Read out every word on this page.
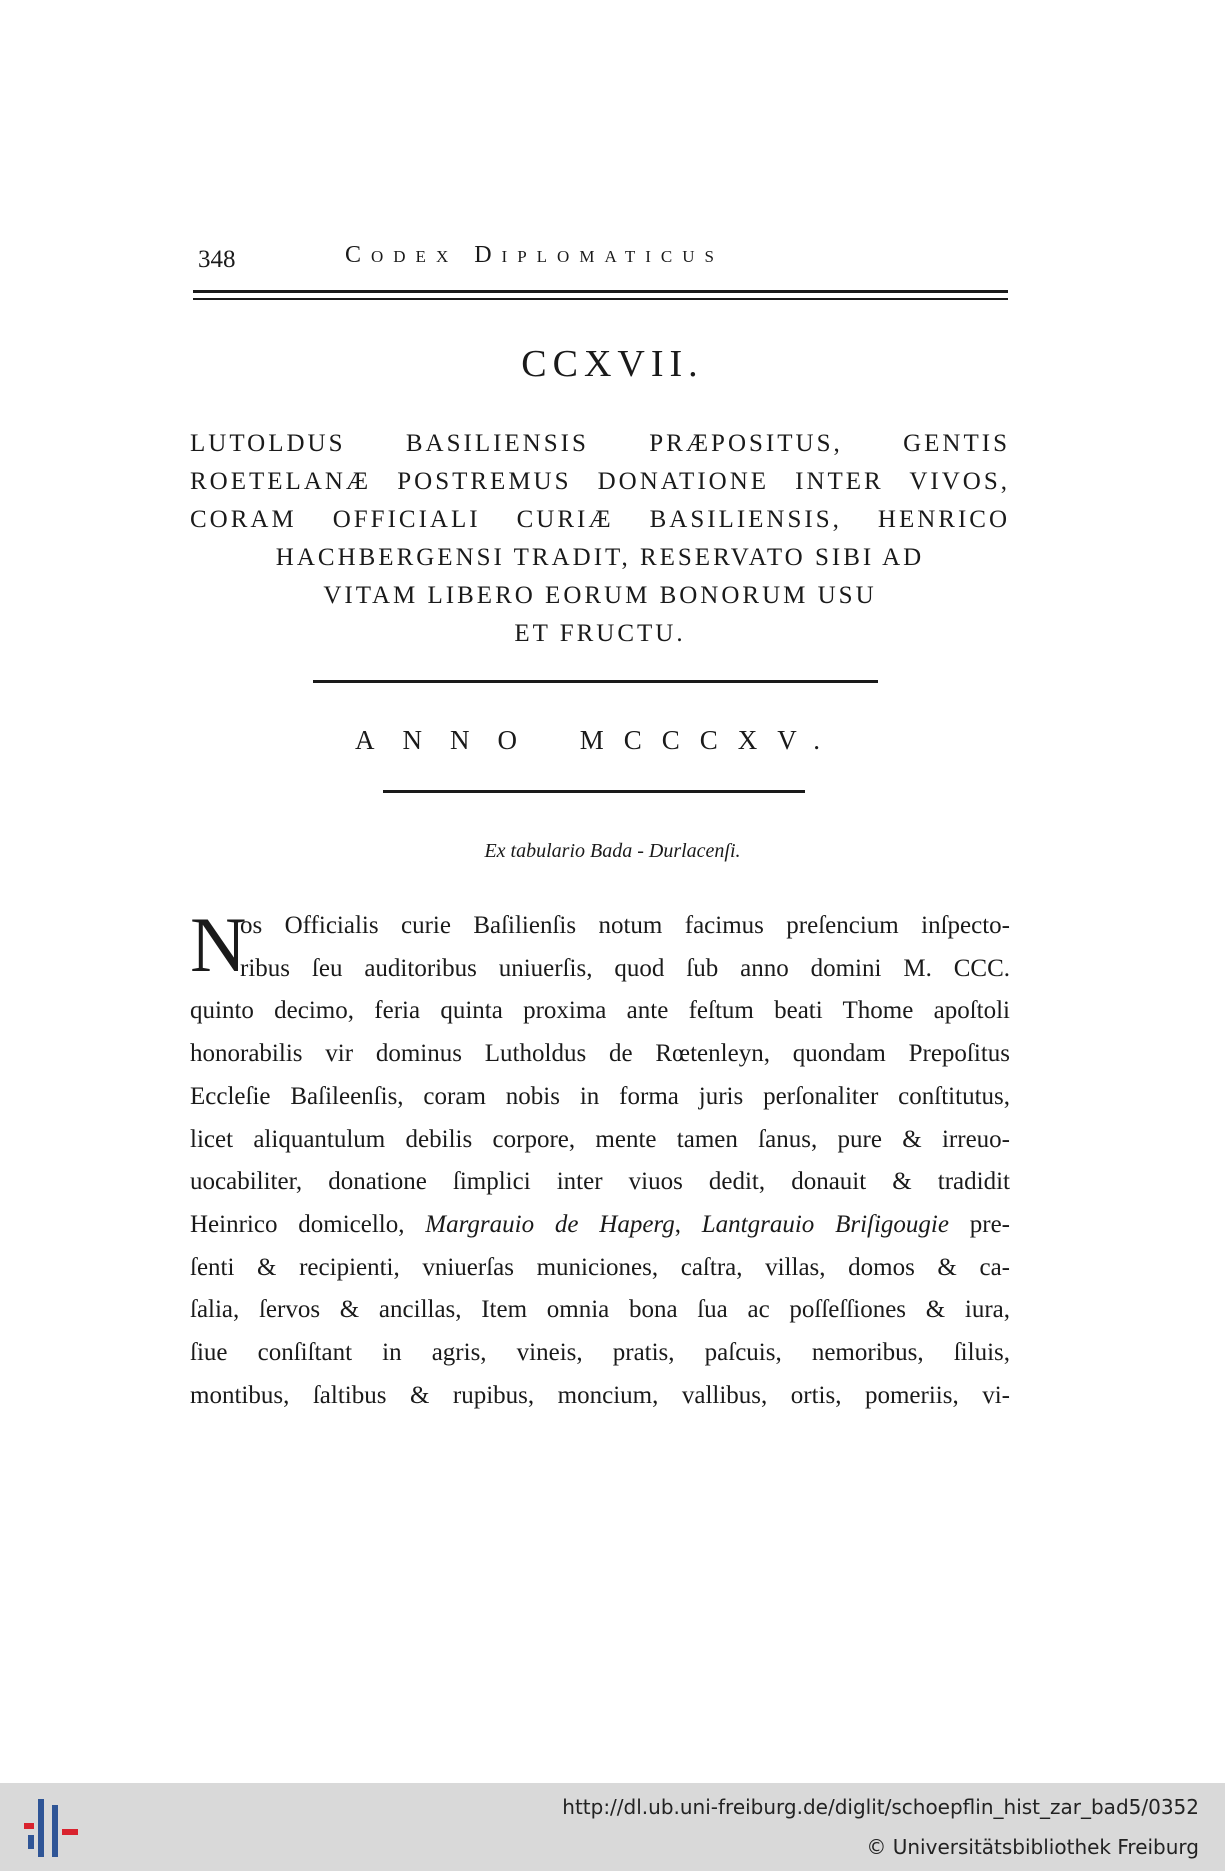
348	Codex Diplomaticus
CCXVII.

LUTOLDUS BASILIENSIS PRÆPOSITUS, GENTIS
ROETELANÆ POSTREMUS DONATIONE INTER VIVOS,
CORAM OFFICIALI CURIÆ BASILIENSIS, HENRICO
HACHBERGENSI TRADIT, RESERVATO SIBI AD
VITAM LIBERO EORUM BONORUM USU
ET FRUCTU.

ANNO MCCCXV.
Ex tabulario Bada - Durlacenſi.
N
os Officialis curie Baſilienſis notum facimus preſencium inſpecto-
ribus ſeu auditoribus uniuerſis, quod ſub anno domini M. CCC.
quinto decimo, feria quinta proxima ante feſtum beati Thome apoſtoli
honorabilis vir dominus Lutholdus de Rœtenleyn, quondam Prepoſitus
Eccleſie Baſileenſis, coram nobis in forma juris perſonaliter conſtitutus,
licet aliquantulum debilis corpore, mente tamen ſanus, pure & irreuo-
uocabiliter, donatione ſimplici inter viuos dedit, donauit & tradidit
Heinrico domicello, Margrauio de Haperg, Lantgrauio Briſigougie pre-
ſenti & recipienti, vniuerſas municiones, caſtra, villas, domos & ca-
ſalia, ſervos & ancillas, Item omnia bona ſua ac poſſeſſiones & iura,
ſiue conſiſtant in agris, vineis, pratis, paſcuis, nemoribus, ſiluis,
montibus, ſaltibus & rupibus, moncium, vallibus, ortis, pomeriis, vi-
http://dl.ub.uni-freiburg.de/diglit/schoepflin_hist_zar_bad5/0352
© Universitätsbibliothek Freiburg
